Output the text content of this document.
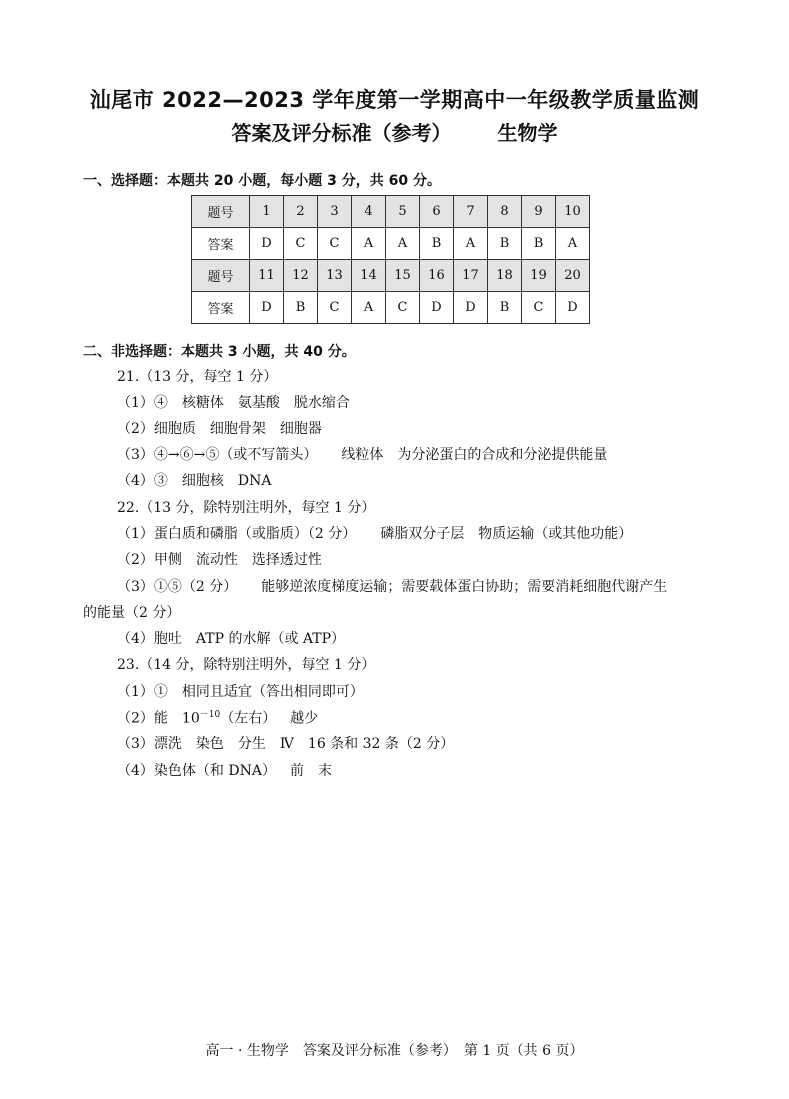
汕尾市 2022—2023 学年度第一学期高中一年级教学质量监测
答案及评分标准（参考） 生物学
一、选择题：本题共 20 小题，每小题 3 分，共 60 分。
题号	1	2	3	4	5	6	7	8	9	10
答案	D	C	C	A	A	B	A	B	B	A
题号	11	12	13	14	15	16	17	18	19	20
答案	D	B	C	A	C	D	D	B	C	D
二、非选择题：本题共 3 小题，共 40 分。
21.（13 分，每空 1 分）
（1）④ 核糖体 氨基酸 脱水缩合
（2）细胞质 细胞骨架 细胞器
（3）④→⑥→⑤（或不写箭头） 线粒体 为分泌蛋白的合成和分泌提供能量
（4）③ 细胞核 DNA
22.（13 分，除特别注明外，每空 1 分）
（1）蛋白质和磷脂（或脂质）（2 分） 磷脂双分子层 物质运输（或其他功能）
（2）甲侧 流动性 选择透过性
（3）①⑤（2 分） 能够逆浓度梯度运输；需要载体蛋白协助；需要消耗细胞代谢产生
的能量（2 分）
（4）胞吐 ATP 的水解（或 ATP）
23.（14 分，除特别注明外，每空 1 分）
（1）① 相同且适宜（答出相同即可）
（2）能 $10^{-10}$（左右） 越少
（3）漂洗 染色 分生 Ⅳ 16 条和 32 条（2 分）
（4）染色体（和 DNA） 前 末
高一 · 生物学　答案及评分标准（参考）　第 1 页（共 6 页）
